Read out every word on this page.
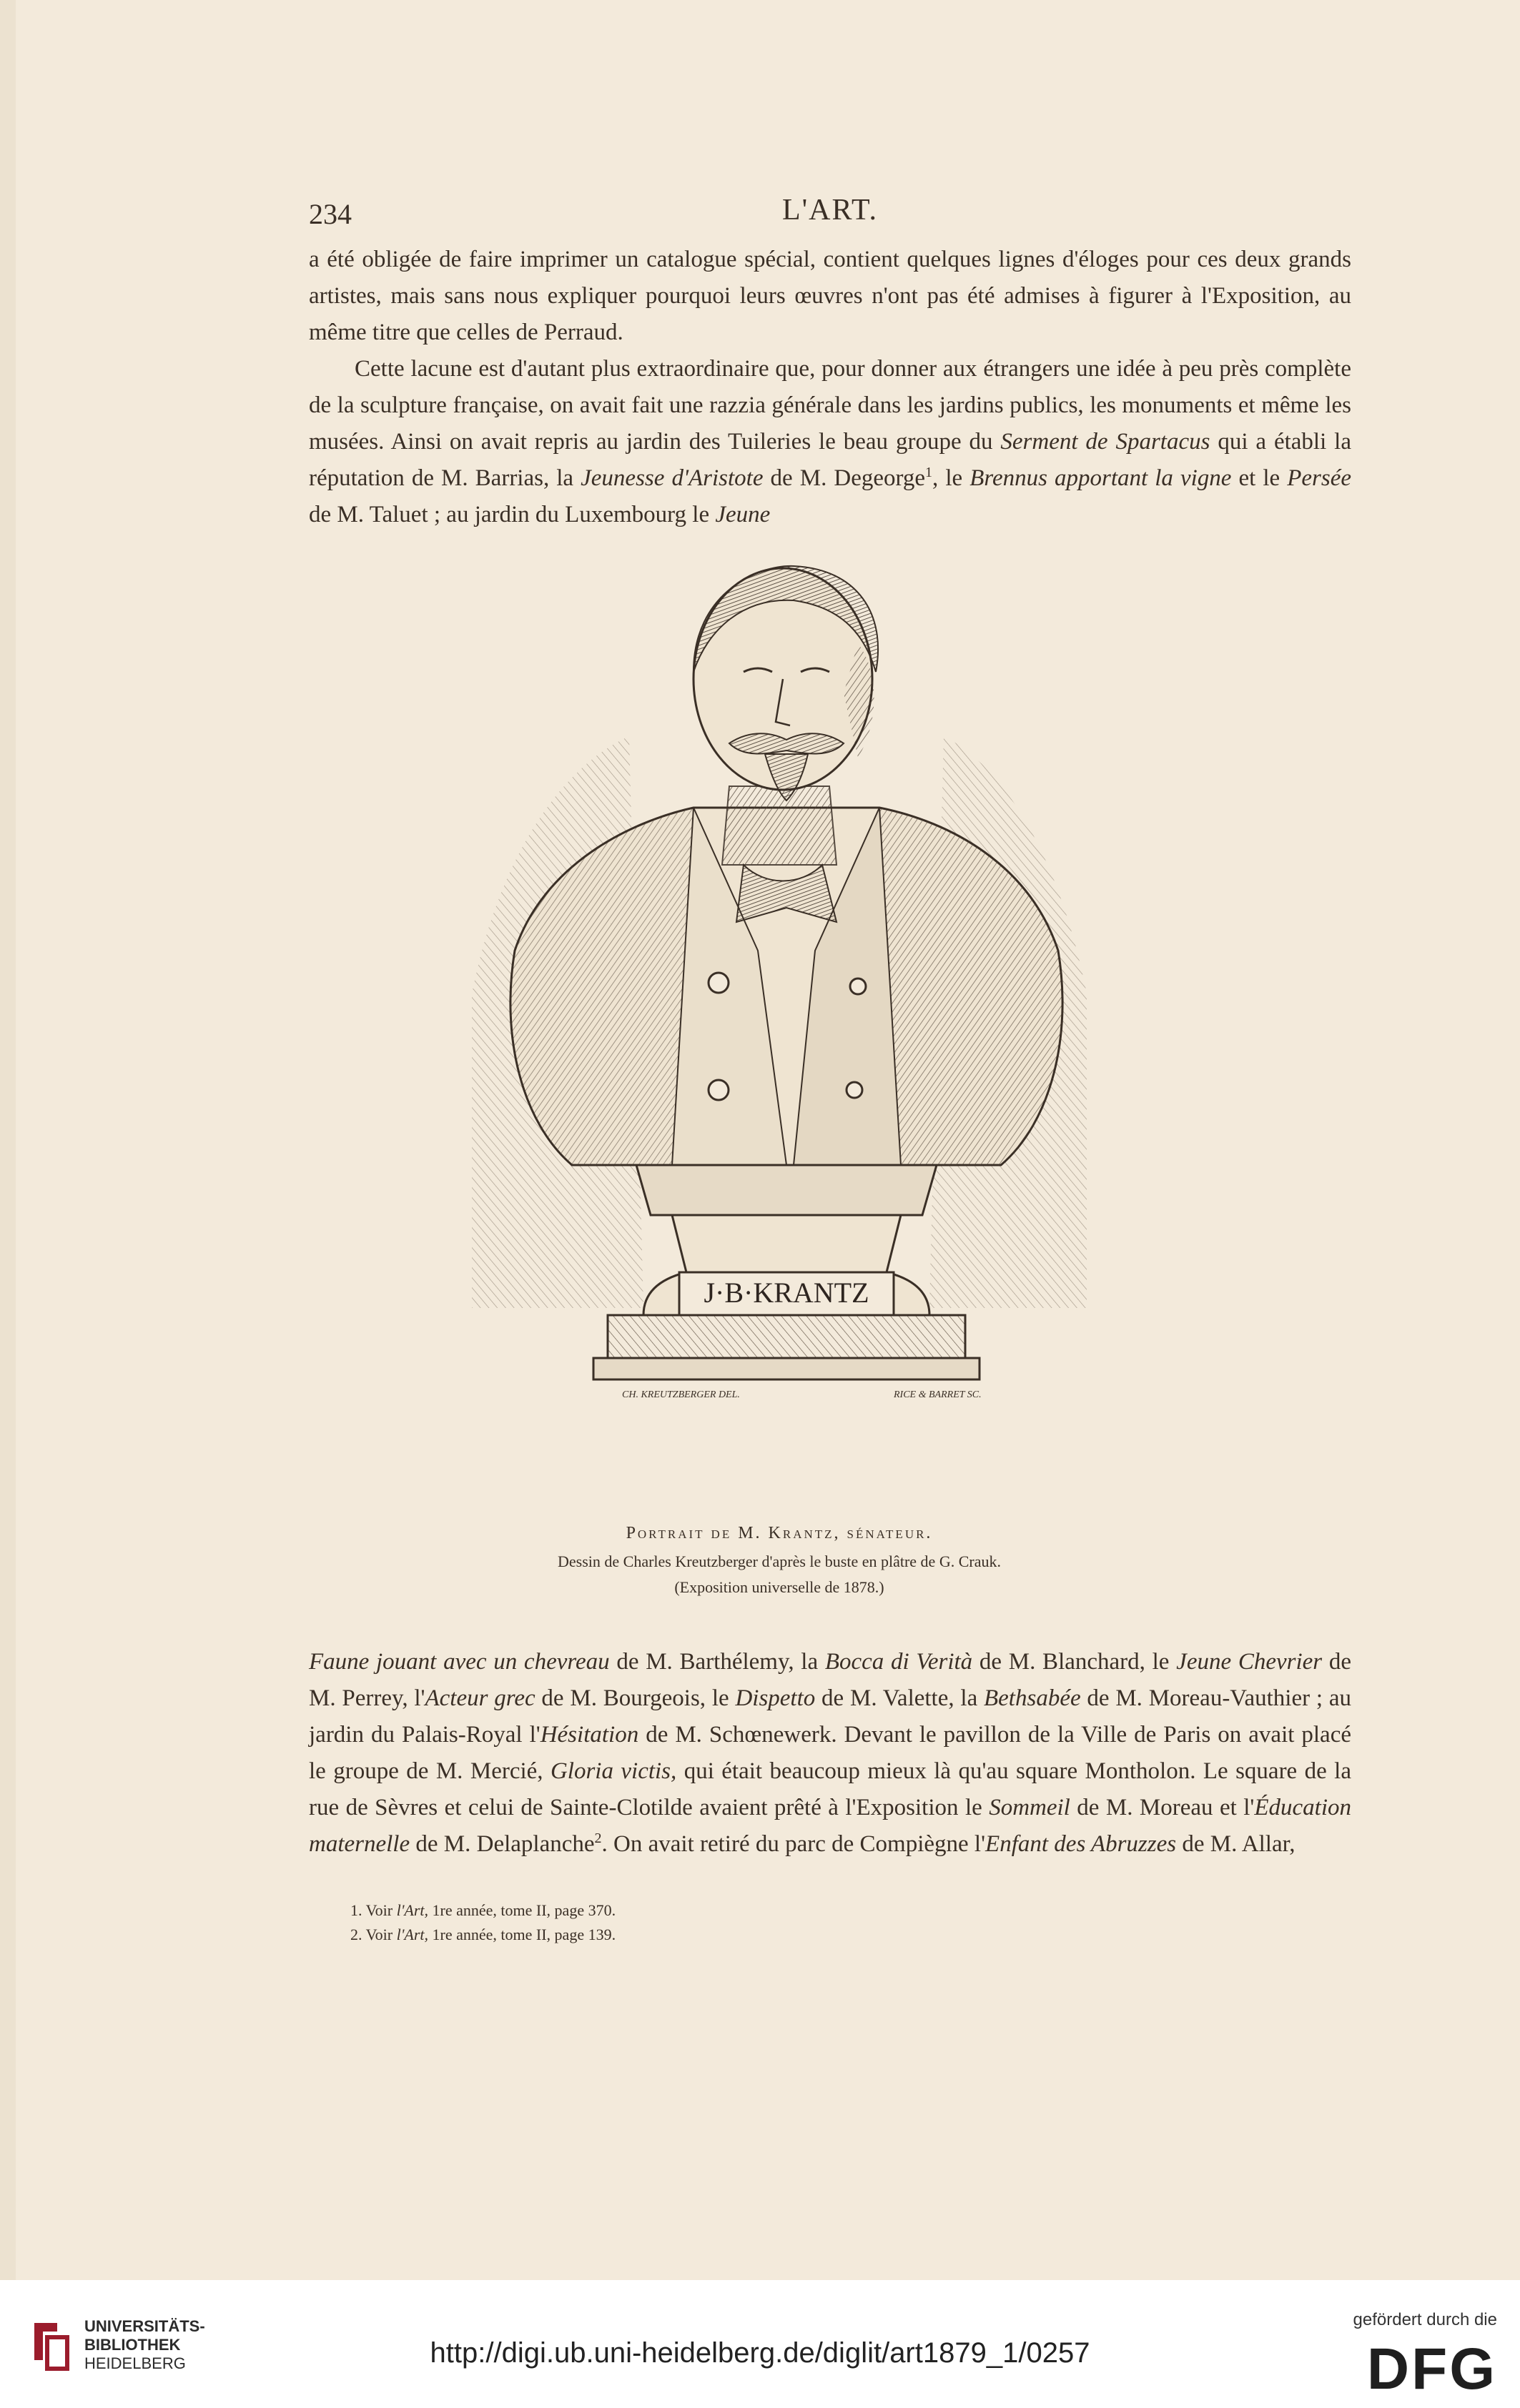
234	L'ART.

a été obligée de faire imprimer un catalogue spécial, contient quelques lignes d'éloges pour ces deux grands artistes, mais sans nous expliquer pourquoi leurs œuvres n'ont pas été admises à figurer à l'Exposition, au même titre que celles de Perraud.

Cette lacune est d'autant plus extraordinaire que, pour donner aux étrangers une idée à peu près complète de la sculpture française, on avait fait une razzia générale dans les jardins publics, les monuments et même les musées. Ainsi on avait repris au jardin des Tuileries le beau groupe du Serment de Spartacus qui a établi la réputation de M. Barrias, la Jeunesse d'Aristote de M. Degeorge$^1$, le Brennus apportant la vigne et le Persée de M. Taluet ; au jardin du Luxembourg le Jeune

J·B·KRANTZ
CH. KREUTZBERGER DEL.	RICE & BARRET SC.
Portrait de M. Krantz, sénateur.
Dessin de Charles Kreutzberger d'après le buste en plâtre de G. Crauk.
(Exposition universelle de 1878.)

Faune jouant avec un chevreau de M. Barthélemy, la Bocca di Verità de M. Blanchard, le Jeune Chevrier de M. Perrey, l'Acteur grec de M. Bourgeois, le Dispetto de M. Valette, la Bethsabée de M. Moreau-Vauthier ; au jardin du Palais-Royal l'Hésitation de M. Schœnewerk. Devant le pavillon de la Ville de Paris on avait placé le groupe de M. Mercié, Gloria victis, qui était beaucoup mieux là qu'au square Montholon. Le square de la rue de Sèvres et celui de Sainte-Clotilde avaient prêté à l'Exposition le Sommeil de M. Moreau et l'Éducation maternelle de M. Delaplanche$^2$. On avait retiré du parc de Compiègne l'Enfant des Abruzzes de M. Allar,

1. Voir l'Art, 1re année, tome II, page 370.
2. Voir l'Art, 1re année, tome II, page 139.
UNIVERSITÄTS-
BIBLIOTHEK
HEIDELBERG	http://digi.ub.uni-heidelberg.de/diglit/art1879_1/0257
gefördert durch die
DFG
